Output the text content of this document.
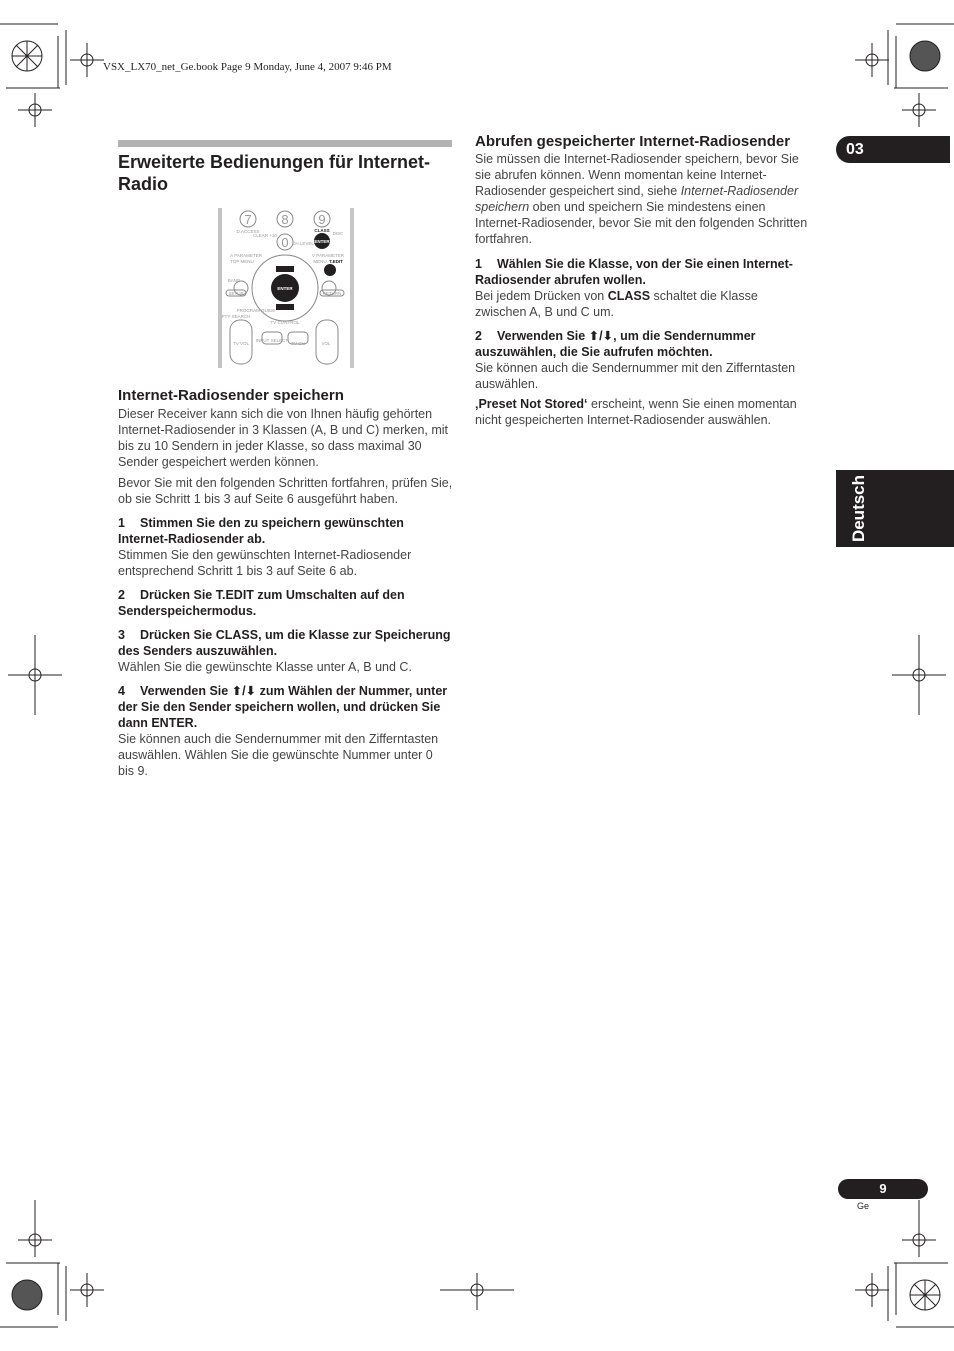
VSX_LX70_net_Ge.book Page 9 Monday, June 4, 2007 9:46 PM
03
Deutsch
Erweiterte Bedienungen für Internet-Radio
7 8 9
0
D.ACCESS
CLEAR +10	DISC
CH LEVEL
A PARAMETER
TOP MENU
V PARAMETER
MENU
BAND
SETUP	RETURN
PROGRAM GUIDE
PTY SEARCH
TV CONTROL
TV VOL
INPUT SELECT
TV CH	VOL
CLASS
ENTER
T.EDIT
ENTER
Internet-Radiosender speichern
Dieser Receiver kann sich die von Ihnen häufig gehörten Internet-Radiosender in 3 Klassen (A, B und C) merken, mit bis zu 10 Sendern in jeder Klasse, so dass maximal 30 Sender gespeichert werden können.
Bevor Sie mit den folgenden Schritten fortfahren, prüfen Sie, ob sie Schritt 1 bis 3 auf Seite 6 ausgeführt haben.
1 Stimmen Sie den zu speichern gewünschten Internet-Radiosender ab.
Stimmen Sie den gewünschten Internet-Radiosender entsprechend Schritt 1 bis 3 auf Seite 6 ab.
2 Drücken Sie T.EDIT zum Umschalten auf den Senderspeichermodus.
3 Drücken Sie CLASS, um die Klasse zur Speicherung des Senders auszuwählen.
Wählen Sie die gewünschte Klasse unter A, B und C.
4 Verwenden Sie ⬆/⬇ zum Wählen der Nummer, unter der Sie den Sender speichern wollen, und drücken Sie dann ENTER.
Sie können auch die Sendernummer mit den Zifferntasten auswählen. Wählen Sie die gewünschte Nummer unter 0 bis 9.
Abrufen gespeicherter Internet-Radiosender
Sie müssen die Internet-Radiosender speichern, bevor Sie sie abrufen können. Wenn momentan keine Internet-Radiosender gespeichert sind, siehe Internet-Radiosender speichern oben und speichern Sie mindestens einen Internet-Radiosender, bevor Sie mit den folgenden Schritten fortfahren.
1 Wählen Sie die Klasse, von der Sie einen Internet-Radiosender abrufen wollen.
Bei jedem Drücken von CLASS schaltet die Klasse zwischen A, B und C um.
2 Verwenden Sie ⬆/⬇, um die Sendernummer auszuwählen, die Sie aufrufen möchten.
Sie können auch die Sendernummer mit den Zifferntasten auswählen.
‚Preset Not Stored‘ erscheint, wenn Sie einen momentan nicht gespeicherten Internet-Radiosender auswählen.
9
Ge
